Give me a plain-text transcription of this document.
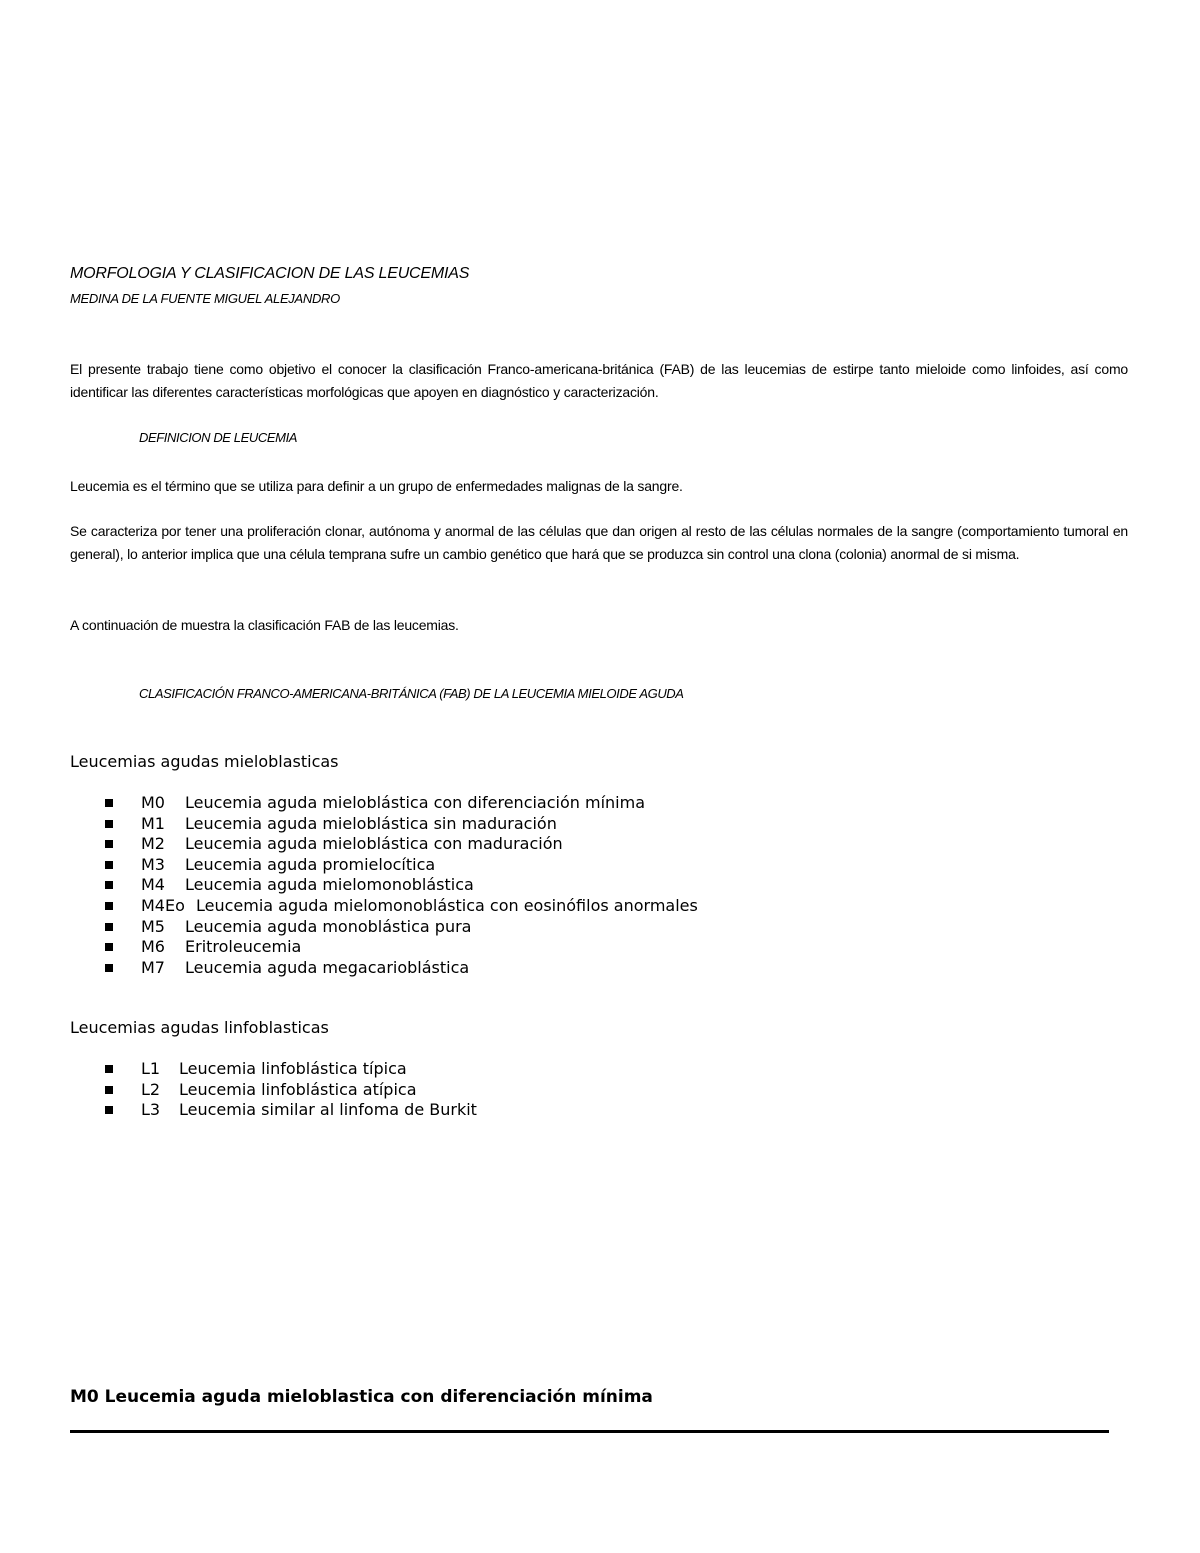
MORFOLOGIA Y CLASIFICACION DE LAS LEUCEMIAS
MEDINA DE LA FUENTE MIGUEL ALEJANDRO
El presente trabajo tiene como objetivo el conocer la clasificación Franco-americana-británica (FAB) de las leucemias de estirpe tanto mieloide como linfoides, así como identificar las diferentes características morfológicas que apoyen en diagnóstico y caracterización.
DEFINICION DE LEUCEMIA
Leucemia es el término que se utiliza para definir a un grupo de enfermedades malignas de la sangre.
Se caracteriza por tener una proliferación clonar, autónoma y anormal de las células que dan origen al resto de las células normales de la sangre (comportamiento tumoral en general), lo anterior implica que una célula temprana sufre un cambio genético que hará que se produzca sin control una clona (colonia) anormal de si misma.
A continuación de muestra la clasificación FAB de las leucemias.
CLASIFICACIÓN FRANCO-AMERICANA-BRITÁNICA (FAB) DE LA LEUCEMIA MIELOIDE AGUDA
Leucemias agudas mieloblasticas
M0 Leucemia aguda mieloblástica con diferenciación mínima
M1 Leucemia aguda mieloblástica sin maduración
M2 Leucemia aguda mieloblástica con maduración
M3 Leucemia aguda promielocítica
M4 Leucemia aguda mielomonoblástica
M4Eo Leucemia aguda mielomonoblástica con eosinófilos anormales
M5 Leucemia aguda monoblástica pura
M6 Eritroleucemia
M7 Leucemia aguda megacarioblástica
Leucemias agudas linfoblasticas
L1 Leucemia linfoblástica típica
L2 Leucemia linfoblástica atípica
L3 Leucemia similar al linfoma de Burkit
M0 Leucemia aguda mieloblastica con diferenciación mínima
